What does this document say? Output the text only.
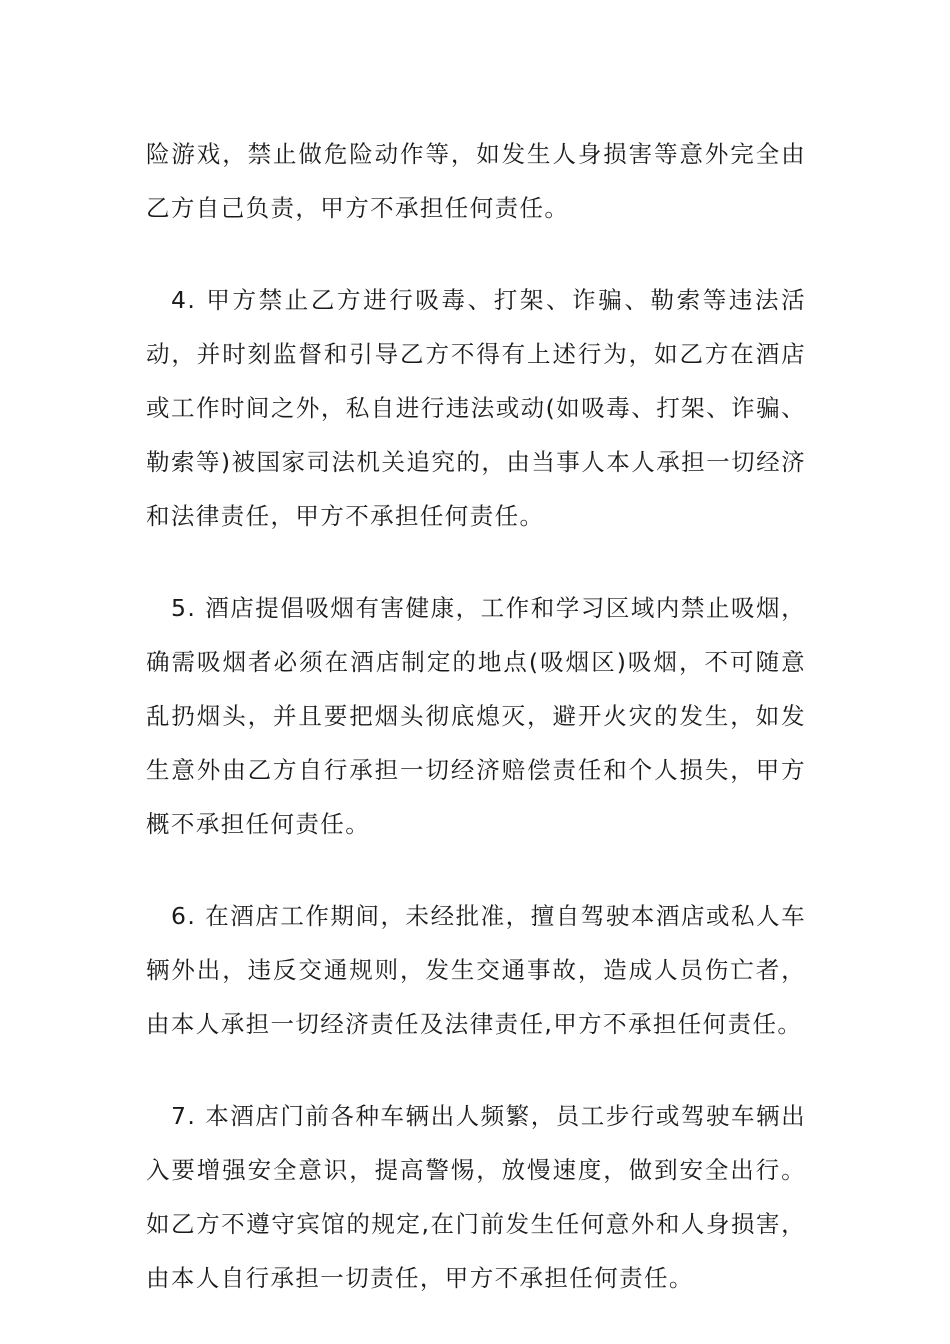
险游戏，禁止做危险动作等，如发生人身损害等意外完全由乙方自己负责，甲方不承担任何责任。

4. 甲方禁止乙方进行吸毒、打架、诈骗、勒索等违法活动，并时刻监督和引导乙方不得有上述行为，如乙方在酒店或工作时间之外，私自进行违法或动(如吸毒、打架、诈骗、勒索等)被国家司法机关追究的，由当事人本人承担一切经济和法律责任，甲方不承担任何责任。

5. 酒店提倡吸烟有害健康，工作和学习区域内禁止吸烟，确需吸烟者必须在酒店制定的地点(吸烟区)吸烟，不可随意乱扔烟头，并且要把烟头彻底熄灭，避开火灾的发生，如发生意外由乙方自行承担一切经济赔偿责任和个人损失，甲方概不承担任何责任。

6. 在酒店工作期间，未经批准，擅自驾驶本酒店或私人车辆外出，违反交通规则，发生交通事故，造成人员伤亡者，由本人承担一切经济责任及法律责任,甲方不承担任何责任。

7. 本酒店门前各种车辆出人频繁，员工步行或驾驶车辆出入要增强安全意识，提高警惕，放慢速度，做到安全出行。如乙方不遵守宾馆的规定,在门前发生任何意外和人身损害，由本人自行承担一切责任，甲方不承担任何责任。
